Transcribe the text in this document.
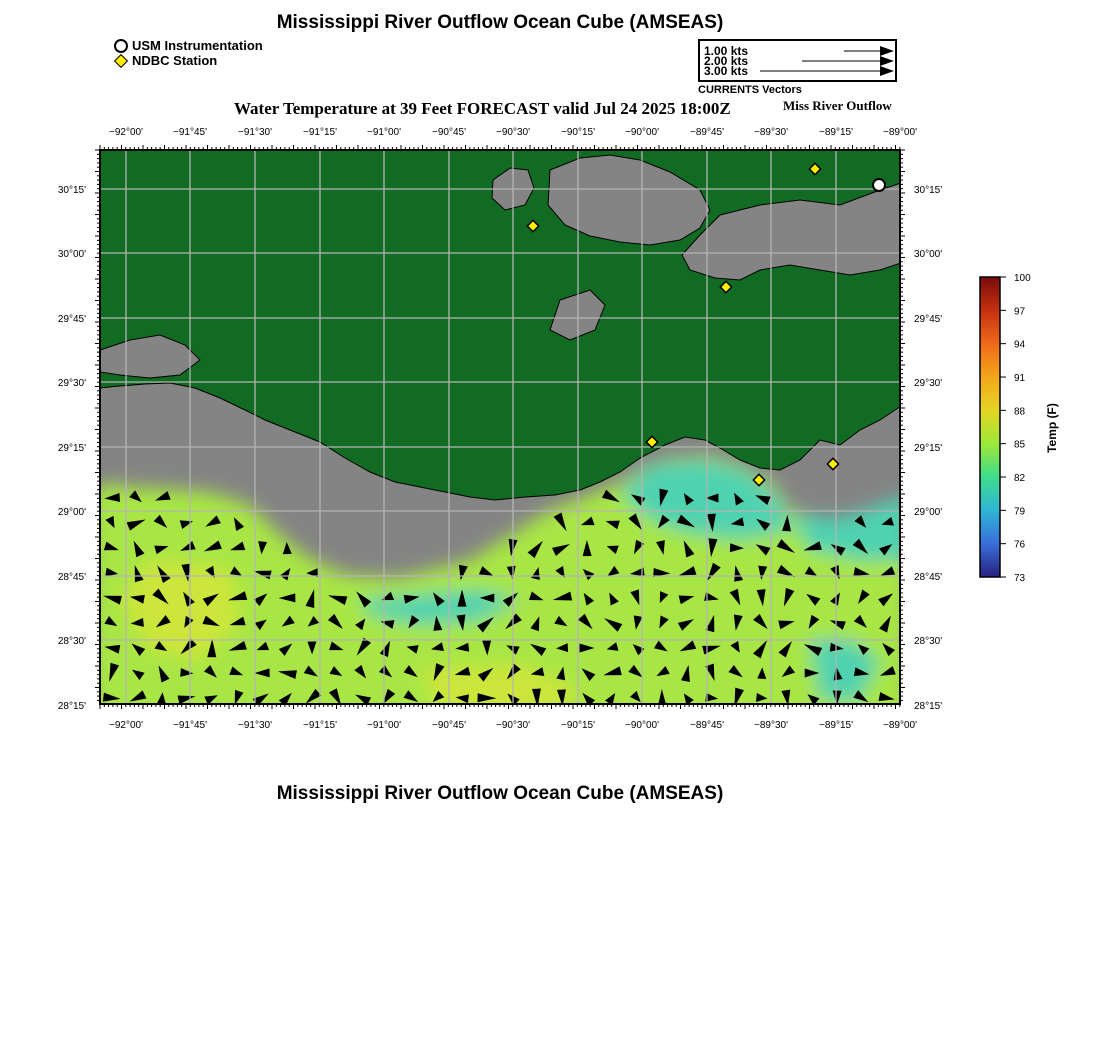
Mississippi River Outflow Ocean Cube (AMSEAS)
USM Instrumentation
NDBC Station
1.00 kts
2.00 kts
3.00 kts
CURRENTS Vectors
Water Temperature at 39 Feet FORECAST valid Jul 24 2025 18:00Z	Miss River Outflow
−92°00'	−91°45'	−91°30'	−91°15'	−91°00'	−90°45'	−90°30'	−90°15'	−90°00'	−89°45'	−89°30'	−89°15'	−89°00'
−92°00'	−91°45'	−91°30'	−91°15'	−91°00'	−90°45'	−90°30'	−90°15'	−90°00'	−89°45'	−89°30'	−89°15'	−89°00'
30°15'
30°00'
29°45'
29°30'
29°15'
29°00'
28°45'
28°30'
28°15'
30°15'
30°00'
29°45'
29°30'
29°15'
29°00'
28°45'
28°30'
28°15'
100
97
94
91
88
85
82
79
76
73
Temp (F)
Mississippi River Outflow Ocean Cube (AMSEAS)
